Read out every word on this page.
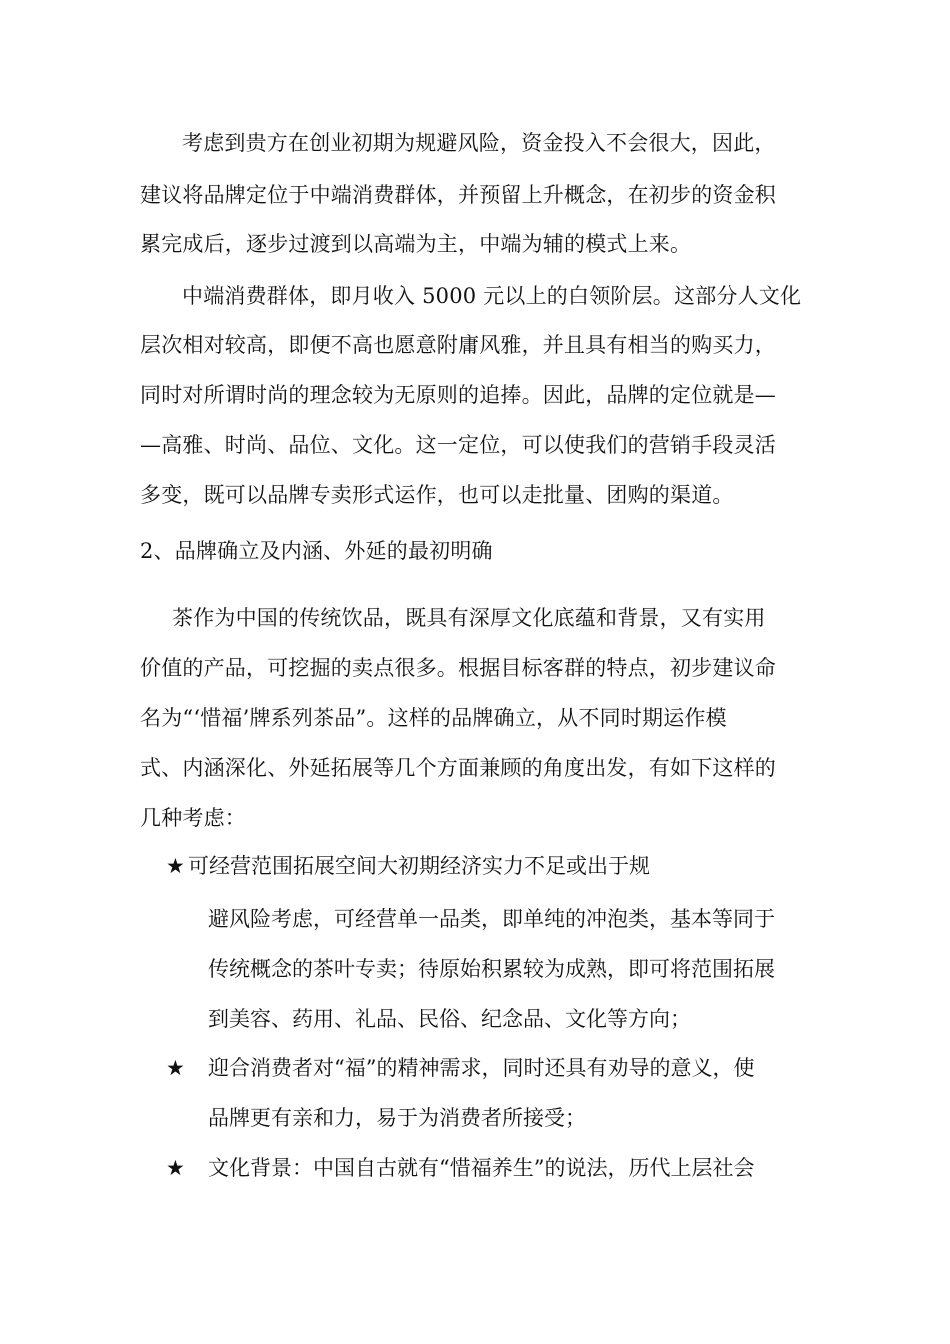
考虑到贵方在创业初期为规避风险，资金投入不会很大，因此，
建议将品牌定位于中端消费群体，并预留上升概念，在初步的资金积
累完成后，逐步过渡到以高端为主，中端为辅的模式上来。
中端消费群体，即月收入 5000 元以上的白领阶层。这部分人文化
层次相对较高，即便不高也愿意附庸风雅，并且具有相当的购买力，
同时对所谓时尚的理念较为无原则的追捧。因此，品牌的定位就是—
—高雅、时尚、品位、文化。这一定位，可以使我们的营销手段灵活
多变，既可以品牌专卖形式运作，也可以走批量、团购的渠道。
2、品牌确立及内涵、外延的最初明确
茶作为中国的传统饮品，既具有深厚文化底蕴和背景，又有实用
价值的产品，可挖掘的卖点很多。根据目标客群的特点，初步建议命
名为“‘惜福’牌系列茶品”。这样的品牌确立，从不同时期运作模
式、内涵深化、外延拓展等几个方面兼顾的角度出发，有如下这样的
几种考虑：
★ 可经营范围拓展空间大初期经济实力不足或出于规
避风险考虑，可经营单一品类，即单纯的冲泡类，基本等同于
传统概念的茶叶专卖；待原始积累较为成熟，即可将范围拓展
到美容、药用、礼品、民俗、纪念品、文化等方向；
★ 迎合消费者对“福”的精神需求，同时还具有劝导的意义，使
品牌更有亲和力，易于为消费者所接受；
★ 文化背景：中国自古就有“惜福养生”的说法，历代上层社会
